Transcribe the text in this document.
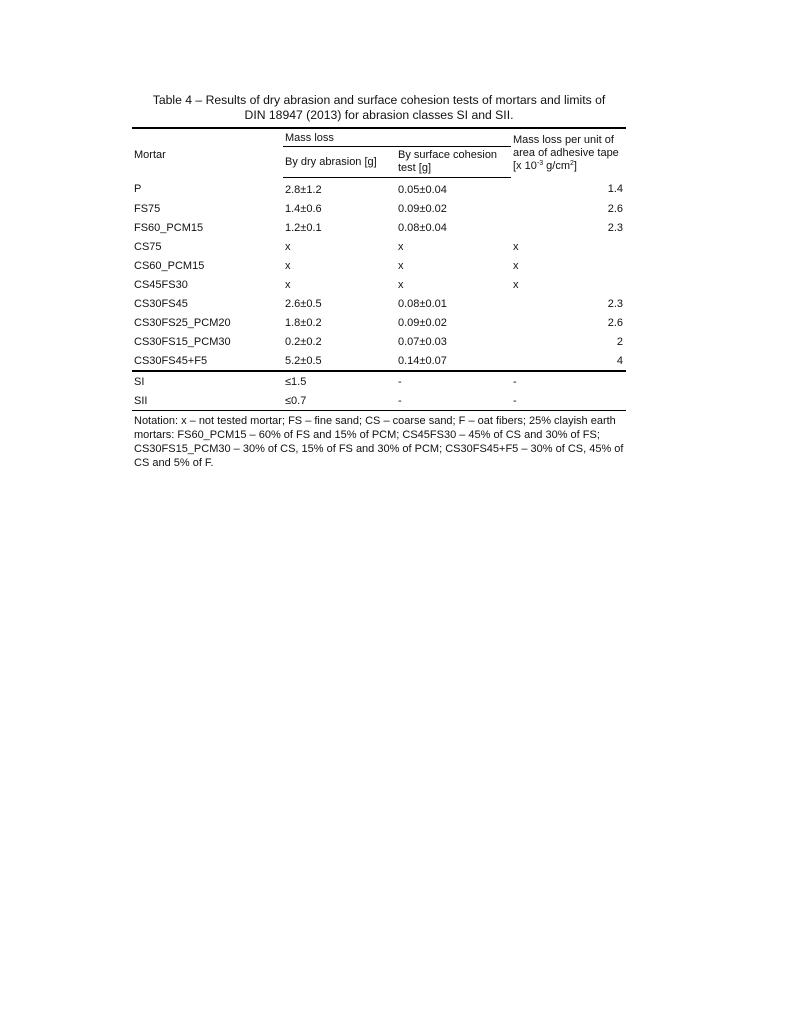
Table 4 – Results of dry abrasion and surface cohesion tests of mortars and limits of
DIN 18947 (2013) for abrasion classes SI and SII.
Mortar	Mass loss		Mass loss per unit of area of adhesive tape [x $10^{-3}$ $g/cm^2$]
	By dry abrasion [g]	By surface cohesion test [g]	
P	2.8±1.2	0.05±0.04	1.4
FS75	1.4±0.6	0.09±0.02	2.6
FS60_PCM15	1.2±0.1	0.08±0.04	2.3
CS75	x	x	x
CS60_PCM15	x	x	x
CS45FS30	x	x	x
CS30FS45	2.6±0.5	0.08±0.01	2.3
CS30FS25_PCM20	1.8±0.2	0.09±0.02	2.6
CS30FS15_PCM30	0.2±0.2	0.07±0.03	2
CS30FS45+F5	5.2±0.5	0.14±0.07	4
SI	≤1.5	-	-
SII	≤0.7	-	-
Notation: x – not tested mortar; FS – fine sand; CS – coarse sand; F – oat fibers; 25% clayish earth mortars: FS60_PCM15 – 60% of FS and 15% of PCM; CS45FS30 – 45% of CS and 30% of FS; CS30FS15_PCM30 – 30% of CS, 15% of FS and 30% of PCM; CS30FS45+F5 – 30% of CS, 45% of CS and 5% of F.
